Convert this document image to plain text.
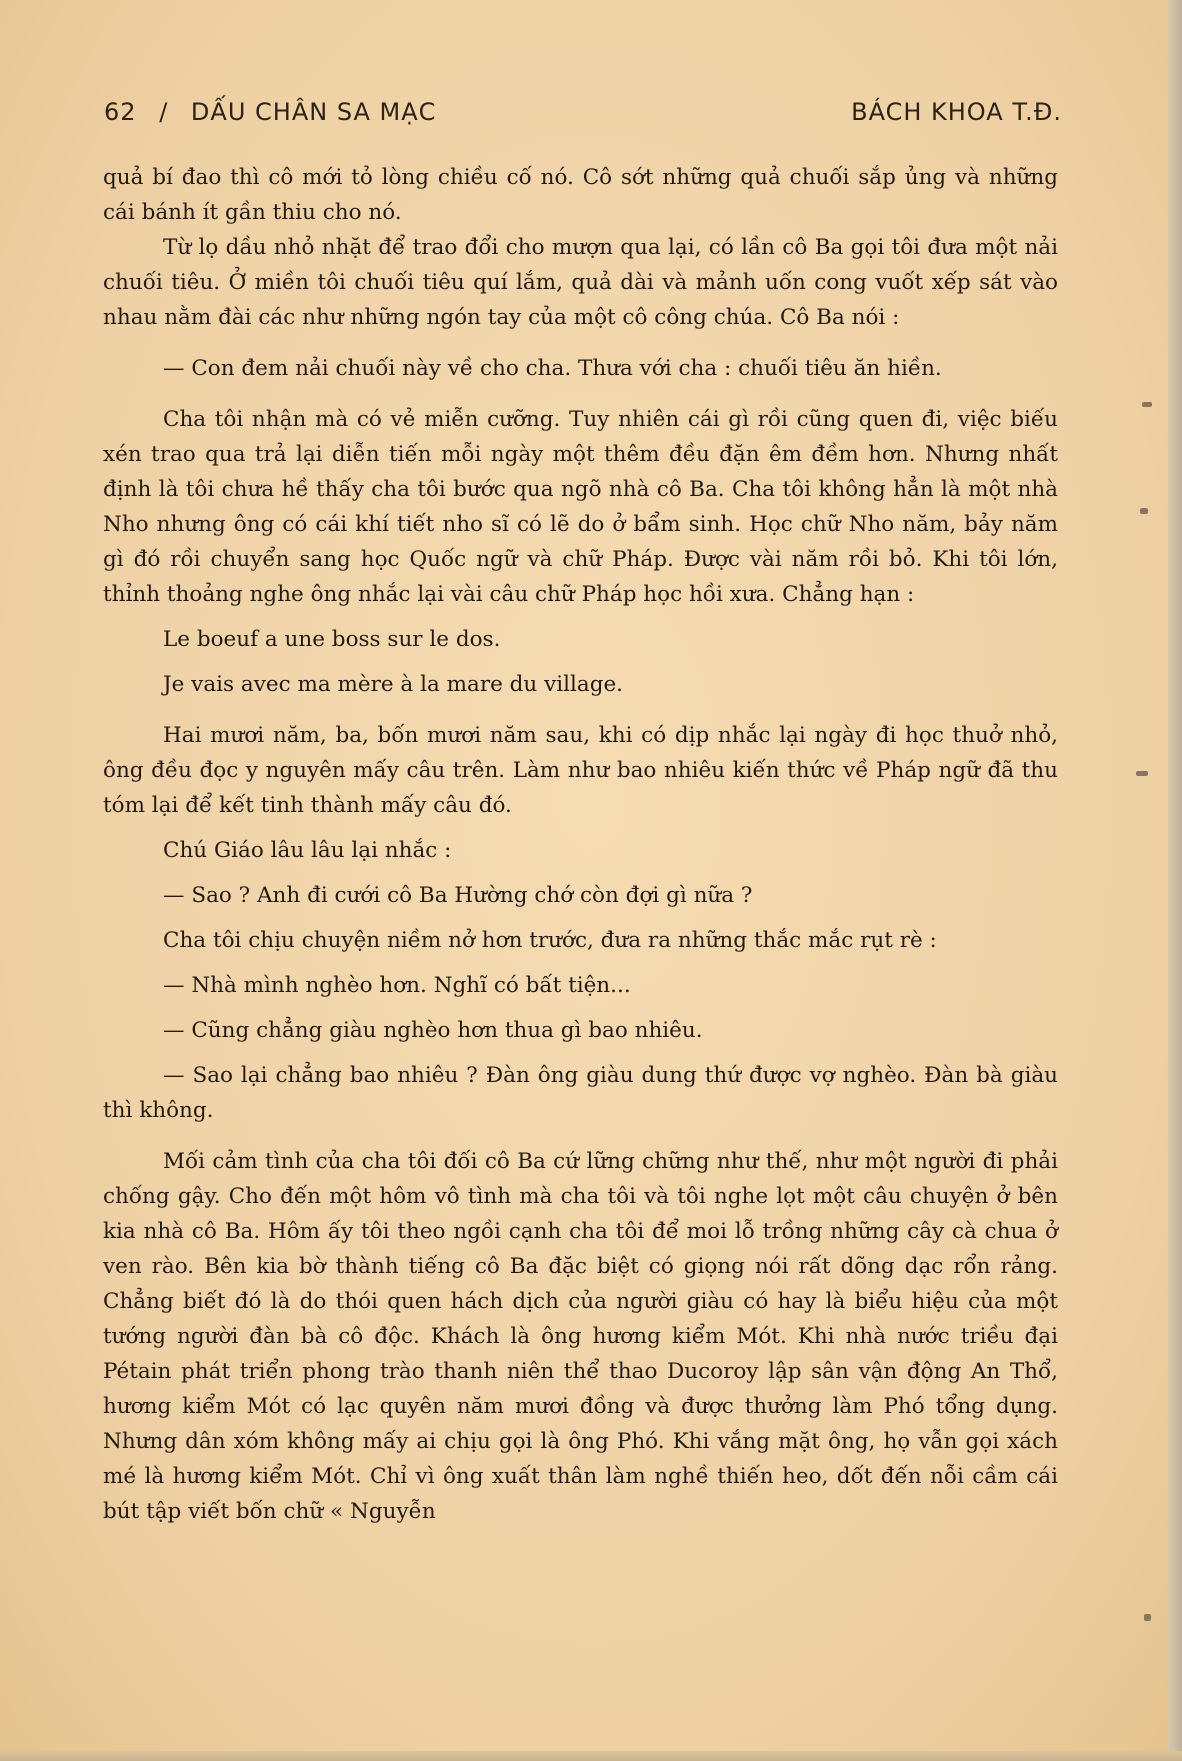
62 / DẤU CHÂN SA MẠC	BÁCH KHOA T.Đ.

quả bí đao thì cô mới tỏ lòng chiều cố nó. Cô sớt những quả chuối sắp ủng và những cái bánh ít gần thiu cho nó.

Từ lọ dầu nhỏ nhặt để trao đổi cho mượn qua lại, có lần cô Ba gọi tôi đưa một nải chuối tiêu. Ở miền tôi chuối tiêu quí lắm, quả dài và mảnh uốn cong vuốt xếp sát vào nhau nằm đài các như những ngón tay của một cô công chúa. Cô Ba nói :

— Con đem nải chuối này về cho cha. Thưa với cha : chuối tiêu ăn hiền.

Cha tôi nhận mà có vẻ miễn cưỡng. Tuy nhiên cái gì rồi cũng quen đi, việc biếu xén trao qua trả lại diễn tiến mỗi ngày một thêm đều đặn êm đềm hơn. Nhưng nhất định là tôi chưa hề thấy cha tôi bước qua ngõ nhà cô Ba. Cha tôi không hẳn là một nhà Nho nhưng ông có cái khí tiết nho sĩ có lẽ do ở bẩm sinh. Học chữ Nho năm, bảy năm gì đó rồi chuyển sang học Quốc ngữ và chữ Pháp. Được vài năm rồi bỏ. Khi tôi lớn, thỉnh thoảng nghe ông nhắc lại vài câu chữ Pháp học hồi xưa. Chẳng hạn :

Le boeuf a une boss sur le dos.

Je vais avec ma mère à la mare du village.

Hai mươi năm, ba, bốn mươi năm sau, khi có dịp nhắc lại ngày đi học thuở nhỏ, ông đều đọc y nguyên mấy câu trên. Làm như bao nhiêu kiến thức về Pháp ngữ đã thu tóm lại để kết tinh thành mấy câu đó.

Chú Giáo lâu lâu lại nhắc :

— Sao ? Anh đi cưới cô Ba Hường chớ còn đợi gì nữa ?

Cha tôi chịu chuyện niềm nở hơn trước, đưa ra những thắc mắc rụt rè :

— Nhà mình nghèo hơn. Nghĩ có bất tiện...

— Cũng chẳng giàu nghèo hơn thua gì bao nhiêu.

— Sao lại chẳng bao nhiêu ? Đàn ông giàu dung thứ được vợ nghèo. Đàn bà giàu thì không.

Mối cảm tình của cha tôi đối cô Ba cứ lững chững như thế, như một người đi phải chống gậy. Cho đến một hôm vô tình mà cha tôi và tôi nghe lọt một câu chuyện ở bên kia nhà cô Ba. Hôm ấy tôi theo ngồi cạnh cha tôi để moi lỗ trồng những cây cà chua ở ven rào. Bên kia bờ thành tiếng cô Ba đặc biệt có giọng nói rất dõng dạc rổn rảng. Chẳng biết đó là do thói quen hách dịch của người giàu có hay là biểu hiệu của một tướng người đàn bà cô độc. Khách là ông hương kiểm Mót. Khi nhà nước triều đại Pétain phát triển phong trào thanh niên thể thao Ducoroy lập sân vận động An Thổ, hương kiểm Mót có lạc quyên năm mươi đồng và được thưởng làm Phó tổng dụng. Nhưng dân xóm không mấy ai chịu gọi là ông Phó. Khi vắng mặt ông, họ vẫn gọi xách mé là hương kiểm Mót. Chỉ vì ông xuất thân làm nghề thiến heo, dốt đến nỗi cầm cái bút tập viết bốn chữ « Nguyễn
